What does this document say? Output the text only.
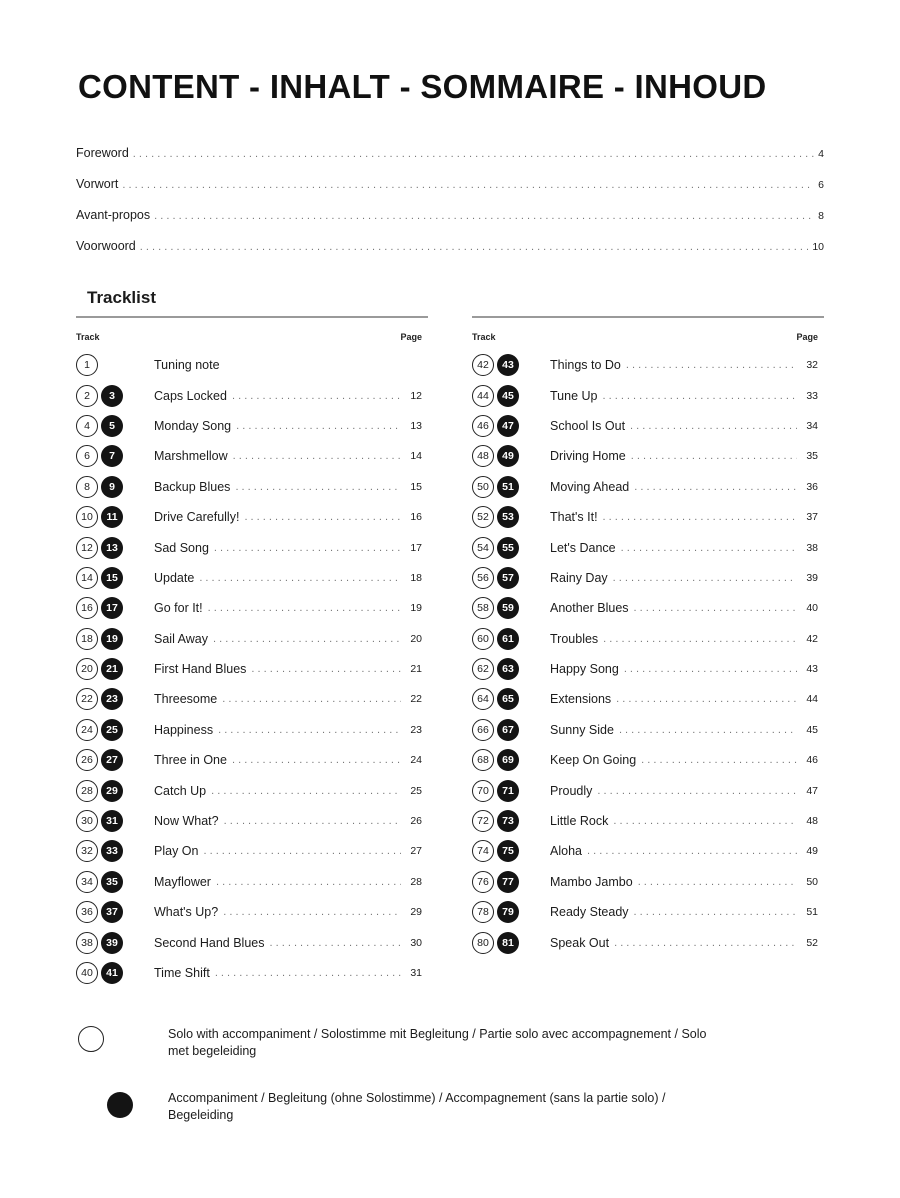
CONTENT - INHALT - SOMMAIRE - INHOUD
Foreword . . .	4
Vorwort . . .	6
Avant-propos . . .	8
Voorwoord . . .	10
Tracklist
Track	Page
1	Tuning note
2	3	Caps Locked . . .	12
4	5	Monday Song . . .	13
6	7	Marshmellow . . .	14
8	9	Backup Blues . . .	15
10	11	Drive Carefully! . . .	16
12	13	Sad Song . . .	17
14	15	Update . . .	18
16	17	Go for It! . . .	19
18	19	Sail Away . . .	20
20	21	First Hand Blues . . .	21
22	23	Threesome . . .	22
24	25	Happiness . . .	23
26	27	Three in One . . .	24
28	29	Catch Up . . .	25
30	31	Now What? . . .	26
32	33	Play On . . .	27
34	35	Mayflower . . .	28
36	37	What's Up? . . .	29
38	39	Second Hand Blues . . .	30
40	41	Time Shift . . .	31
Track	Page
42	43	Things to Do . . .	32
44	45	Tune Up . . .	33
46	47	School Is Out . . .	34
48	49	Driving Home . . .	35
50	51	Moving Ahead . . .	36
52	53	That's It! . . .	37
54	55	Let's Dance . . .	38
56	57	Rainy Day . . .	39
58	59	Another Blues . . .	40
60	61	Troubles . . .	42
62	63	Happy Song . . .	43
64	65	Extensions . . .	44
66	67	Sunny Side . . .	45
68	69	Keep On Going . . .	46
70	71	Proudly . . .	47
72	73	Little Rock . . .	48
74	75	Aloha . . .	49
76	77	Mambo Jambo . . .	50
78	79	Ready Steady . . .	51
80	81	Speak Out . . .	52
Solo with accompaniment / Solostimme mit Begleitung / Partie solo avec accompagnement / Solo met begeleiding
Accompaniment / Begleitung (ohne Solostimme) / Accompagnement (sans la partie solo) / Begeleiding
